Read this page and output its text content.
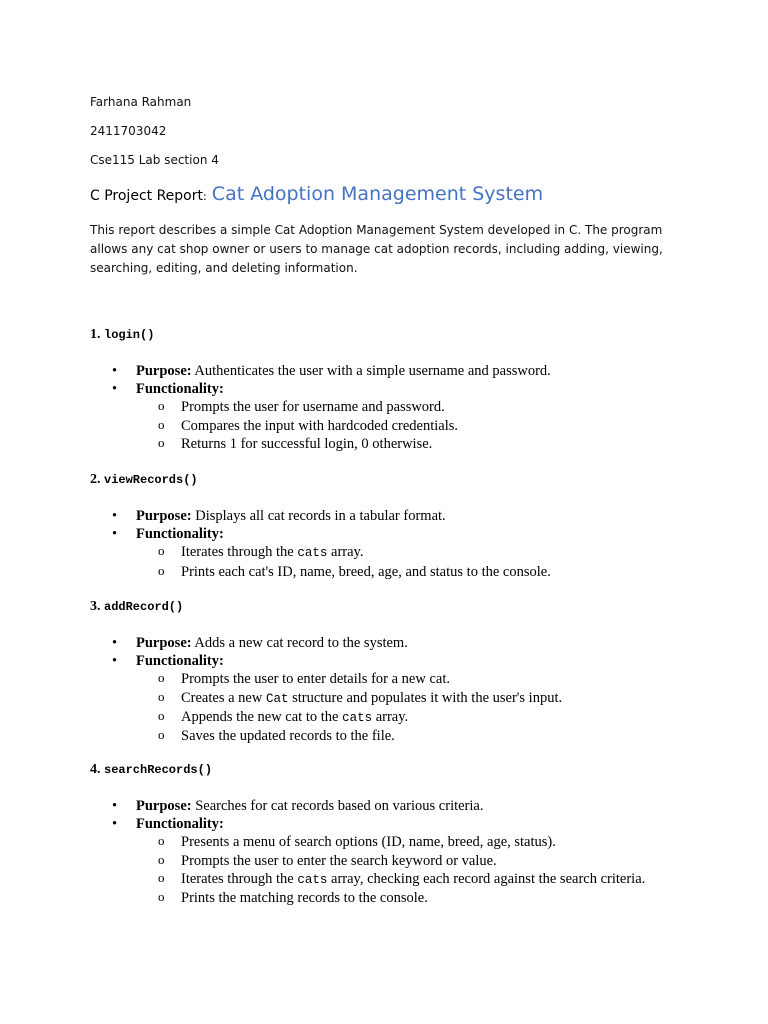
Farhana Rahman
2411703042
Cse115 Lab section 4
C Project Report: Cat Adoption Management System
This report describes a simple Cat Adoption Management System developed in C. The program allows any cat shop owner or users to manage cat adoption records, including adding, viewing, searching, editing, and deleting information.
1. login()
• Purpose: Authenticates the user with a simple username and password.
• Functionality:
o Prompts the user for username and password.
o Compares the input with hardcoded credentials.
o Returns 1 for successful login, 0 otherwise.
2. viewRecords()
• Purpose: Displays all cat records in a tabular format.
• Functionality:
o Iterates through the cats array.
o Prints each cat's ID, name, breed, age, and status to the console.
3. addRecord()
• Purpose: Adds a new cat record to the system.
• Functionality:
o Prompts the user to enter details for a new cat.
o Creates a new Cat structure and populates it with the user's input.
o Appends the new cat to the cats array.
o Saves the updated records to the file.
4. searchRecords()
• Purpose: Searches for cat records based on various criteria.
• Functionality:
o Presents a menu of search options (ID, name, breed, age, status).
o Prompts the user to enter the search keyword or value.
o Iterates through the cats array, checking each record against the search criteria.
o Prints the matching records to the console.
